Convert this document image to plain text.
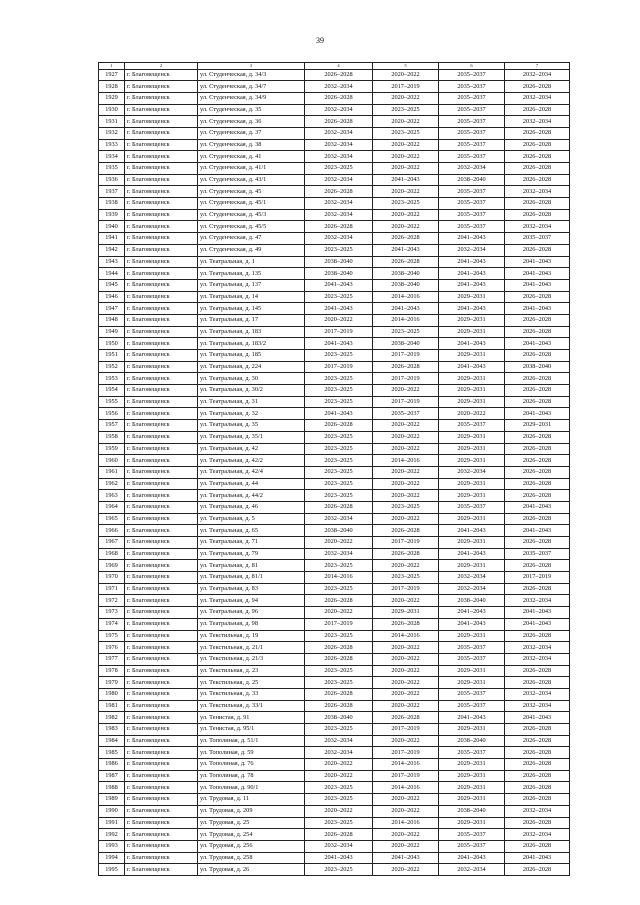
39
1	2	3	4	5	6	7
1927	г. Благовещенск	ул. Студенческая, д. 34/3	2026–2028	2020–2022	2035–2037	2032–2034
1928	г. Благовещенск	ул. Студенческая, д. 34/7	2032–2034	2017–2019	2035–2037	2026–2028
1929	г. Благовещенск	ул. Студенческая, д. 34/9	2026–2028	2020–2022	2035–2037	2032–2034
1930	г. Благовещенск	ул. Студенческая, д. 35	2032–2034	2023–2025	2035–2037	2026–2028
1931	г. Благовещенск	ул. Студенческая, д. 36	2026–2028	2020–2022	2035–2037	2032–2034
1932	г. Благовещенск	ул. Студенческая, д. 37	2032–2034	2023–2025	2035–2037	2026–2028
1933	г. Благовещенск	ул. Студенческая, д. 38	2032–2034	2020–2022	2035–2037	2026–2028
1934	г. Благовещенск	ул. Студенческая, д. 41	2032–2034	2020–2022	2035–2037	2026–2028
1935	г. Благовещенск	ул. Студенческая, д. 41/1	2023–2025	2020–2022	2032–2034	2026–2028
1936	г. Благовещенск	ул. Студенческая, д. 43/1	2032–2034	2041–2043	2038–2040	2026–2028
1937	г. Благовещенск	ул. Студенческая, д. 45	2026–2028	2020–2022	2035–2037	2032–2034
1938	г. Благовещенск	ул. Студенческая, д. 45/1	2032–2034	2023–2025	2035–2037	2026–2028
1939	г. Благовещенск	ул. Студенческая, д. 45/3	2032–2034	2020–2022	2035–2037	2026–2028
1940	г. Благовещенск	ул. Студенческая, д. 45/5	2026–2028	2020–2022	2035–2037	2032–2034
1941	г. Благовещенск	ул. Студенческая, д. 47	2032–2034	2026–2028	2041–2043	2035–2037
1942	г. Благовещенск	ул. Студенческая, д. 49	2023–2025	2041–2043	2032–2034	2026–2028
1943	г. Благовещенск	ул. Театральная, д. 1	2038–2040	2026–2028	2041–2043	2041–2043
1944	г. Благовещенск	ул. Театральная, д. 135	2038–2040	2038–2040	2041–2043	2041–2043
1945	г. Благовещенск	ул. Театральная, д. 137	2041–2043	2038–2040	2041–2043	2041–2043
1946	г. Благовещенск	ул. Театральная, д. 14	2023–2025	2014–2016	2029–2031	2026–2028
1947	г. Благовещенск	ул. Театральная, д. 145	2041–2043	2041–2043	2041–2043	2041–2043
1948	г. Благовещенск	ул. Театральная, д. 17	2020–2022	2014–2016	2029–2031	2026–2028
1949	г. Благовещенск	ул. Театральная, д. 183	2017–2019	2023–2025	2029–2031	2026–2028
1950	г. Благовещенск	ул. Театральная, д. 183/2	2041–2043	2038–2040	2041–2043	2041–2043
1951	г. Благовещенск	ул. Театральная, д. 185	2023–2025	2017–2019	2029–2031	2026–2028
1952	г. Благовещенск	ул. Театральная, д. 224	2017–2019	2026–2028	2041–2043	2038–2040
1953	г. Благовещенск	ул. Театральная, д. 30	2023–2025	2017–2019	2029–2031	2026–2028
1954	г. Благовещенск	ул. Театральная, д. 30/2	2023–2025	2020–2022	2029–2031	2026–2028
1955	г. Благовещенск	ул. Театральная, д. 31	2023–2025	2017–2019	2029–2031	2026–2028
1956	г. Благовещенск	ул. Театральная, д. 32	2041–2043	2035–2037	2020–2022	2041–2043
1957	г. Благовещенск	ул. Театральная, д. 35	2026–2028	2020–2022	2035–2037	2029–2031
1958	г. Благовещенск	ул. Театральная, д. 35/1	2023–2025	2020–2022	2029–2031	2026–2028
1959	г. Благовещенск	ул. Театральная, д. 42	2023–2025	2020–2022	2029–2031	2026–2028
1960	г. Благовещенск	ул. Театральная, д. 42/2	2023–2025	2014–2016	2029–2031	2026–2028
1961	г. Благовещенск	ул. Театральная, д. 42/4	2023–2025	2020–2022	2032–2034	2026–2028
1962	г. Благовещенск	ул. Театральная, д. 44	2023–2025	2020–2022	2029–2031	2026–2028
1963	г. Благовещенск	ул. Театральная, д. 44/2	2023–2025	2020–2022	2029–2031	2026–2028
1964	г. Благовещенск	ул. Театральная, д. 46	2026–2028	2023–2025	2035–2037	2041–2043
1965	г. Благовещенск	ул. Театральная, д. 5	2032–2034	2020–2022	2029–2031	2026–2028
1966	г. Благовещенск	ул. Театральная, д. 65	2038–2040	2026–2028	2041–2043	2041–2043
1967	г. Благовещенск	ул. Театральная, д. 71	2020–2022	2017–2019	2029–2031	2026–2028
1968	г. Благовещенск	ул. Театральная, д. 79	2032–2034	2026–2028	2041–2043	2035–2037
1969	г. Благовещенск	ул. Театральная, д. 81	2023–2025	2020–2022	2029–2031	2026–2028
1970	г. Благовещенск	ул. Театральная, д. 81/1	2014–2016	2023–2025	2032–2034	2017–2019
1971	г. Благовещенск	ул. Театральная, д. 83	2023–2025	2017–2019	2032–2034	2026–2028
1972	г. Благовещенск	ул. Театральная, д. 94	2026–2028	2020–2022	2038–2040	2032–2034
1973	г. Благовещенск	ул. Театральная, д. 96	2020–2022	2029–2031	2041–2043	2041–2043
1974	г. Благовещенск	ул. Театральная, д. 98	2017–2019	2026–2028	2041–2043	2041–2043
1975	г. Благовещенск	ул. Текстильная, д. 19	2023–2025	2014–2016	2029–2031	2026–2028
1976	г. Благовещенск	ул. Текстильная, д. 21/1	2026–2028	2020–2022	2035–2037	2032–2034
1977	г. Благовещенск	ул. Текстильная, д. 21/3	2026–2028	2020–2022	2035–2037	2032–2034
1978	г. Благовещенск	ул. Текстильная, д. 23	2023–2025	2020–2022	2029–2031	2026–2028
1979	г. Благовещенск	ул. Текстильная, д. 25	2023–2025	2020–2022	2029–2031	2026–2028
1980	г. Благовещенск	ул. Текстильная, д. 33	2026–2028	2020–2022	2035–2037	2032–2034
1981	г. Благовещенск	ул. Текстильная, д. 33/1	2026–2028	2020–2022	2035–2037	2032–2034
1982	г. Благовещенск	ул. Тенистая, д. 91	2038–2040	2026–2028	2041–2043	2041–2043
1983	г. Благовещенск	ул. Тенистая, д. 95/1	2023–2025	2017–2019	2029–2031	2026–2028
1984	г. Благовещенск	ул. Тополиная, д. 51/1	2032–2034	2020–2022	2038–2040	2026–2028
1985	г. Благовещенск	ул. Тополиная, д. 59	2032–2034	2017–2019	2035–2037	2026–2028
1986	г. Благовещенск	ул. Тополиная, д. 76	2020–2022	2014–2016	2029–2031	2026–2028
1987	г. Благовещенск	ул. Тополиная, д. 78	2020–2022	2017–2019	2029–2031	2026–2028
1988	г. Благовещенск	ул. Тополиная, д. 90/1	2023–2025	2014–2016	2029–2031	2026–2028
1989	г. Благовещенск	ул. Трудовая, д. 11	2023–2025	2020–2022	2029–2031	2026–2028
1990	г. Благовещенск	ул. Трудовая, д. 209	2020–2022	2020–2022	2038–2040	2032–2034
1991	г. Благовещенск	ул. Трудовая, д. 25	2023–2025	2014–2016	2029–2031	2026–2028
1992	г. Благовещенск	ул. Трудовая, д. 254	2026–2028	2020–2022	2035–2037	2032–2034
1993	г. Благовещенск	ул. Трудовая, д. 256	2032–2034	2020–2022	2035–2037	2026–2028
1994	г. Благовещенск	ул. Трудовая, д. 258	2041–2043	2041–2043	2041–2043	2041–2043
1995	г. Благовещенск	ул. Трудовая, д. 26	2023–2025	2020–2022	2032–2034	2026–2028
